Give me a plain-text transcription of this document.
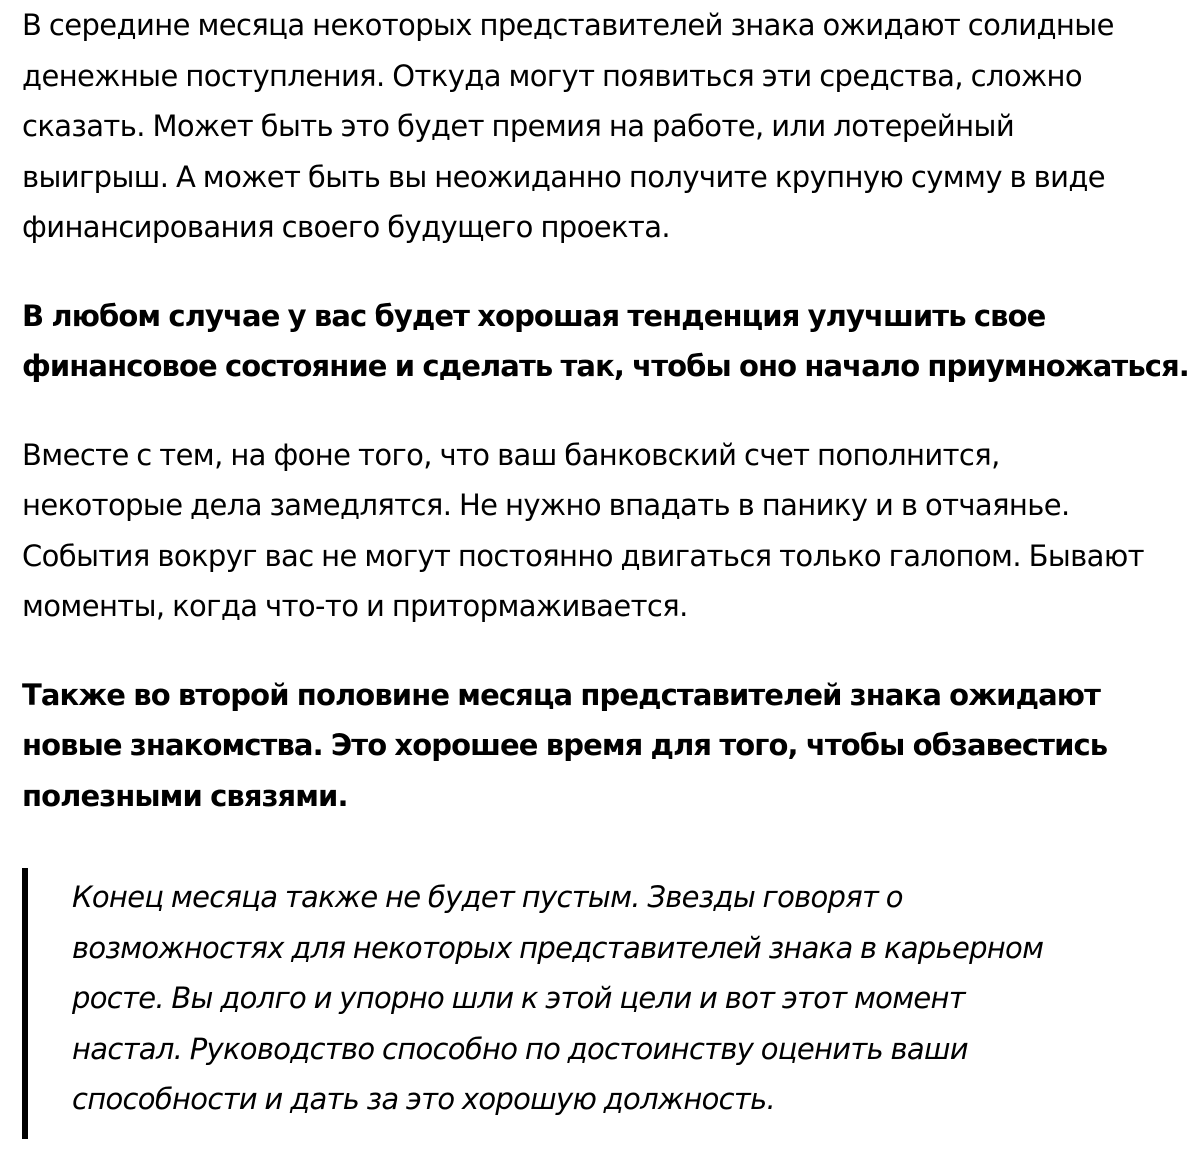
В середине месяца некоторых представителей знака ожидают солидные
денежные поступления. Откуда могут появиться эти средства, сложно
сказать. Может быть это будет премия на работе, или лотерейный
выигрыш. А может быть вы неожиданно получите крупную сумму в виде
финансирования своего будущего проекта.

В любом случае у вас будет хорошая тенденция улучшить свое
финансовое состояние и сделать так, чтобы оно начало приумножаться.

Вместе с тем, на фоне того, что ваш банковский счет пополнится,
некоторые дела замедлятся. Не нужно впадать в панику и в отчаянье.
События вокруг вас не могут постоянно двигаться только галопом. Бывают
моменты, когда что-то и притормаживается.

Также во второй половине месяца представителей знака ожидают
новые знакомства. Это хорошее время для того, чтобы обзавестись
полезными связями.

Конец месяца также не будет пустым. Звезды говорят о
возможностях для некоторых представителей знака в карьерном
росте. Вы долго и упорно шли к этой цели и вот этот момент
настал. Руководство способно по достоинству оценить ваши
способности и дать за это хорошую должность.
